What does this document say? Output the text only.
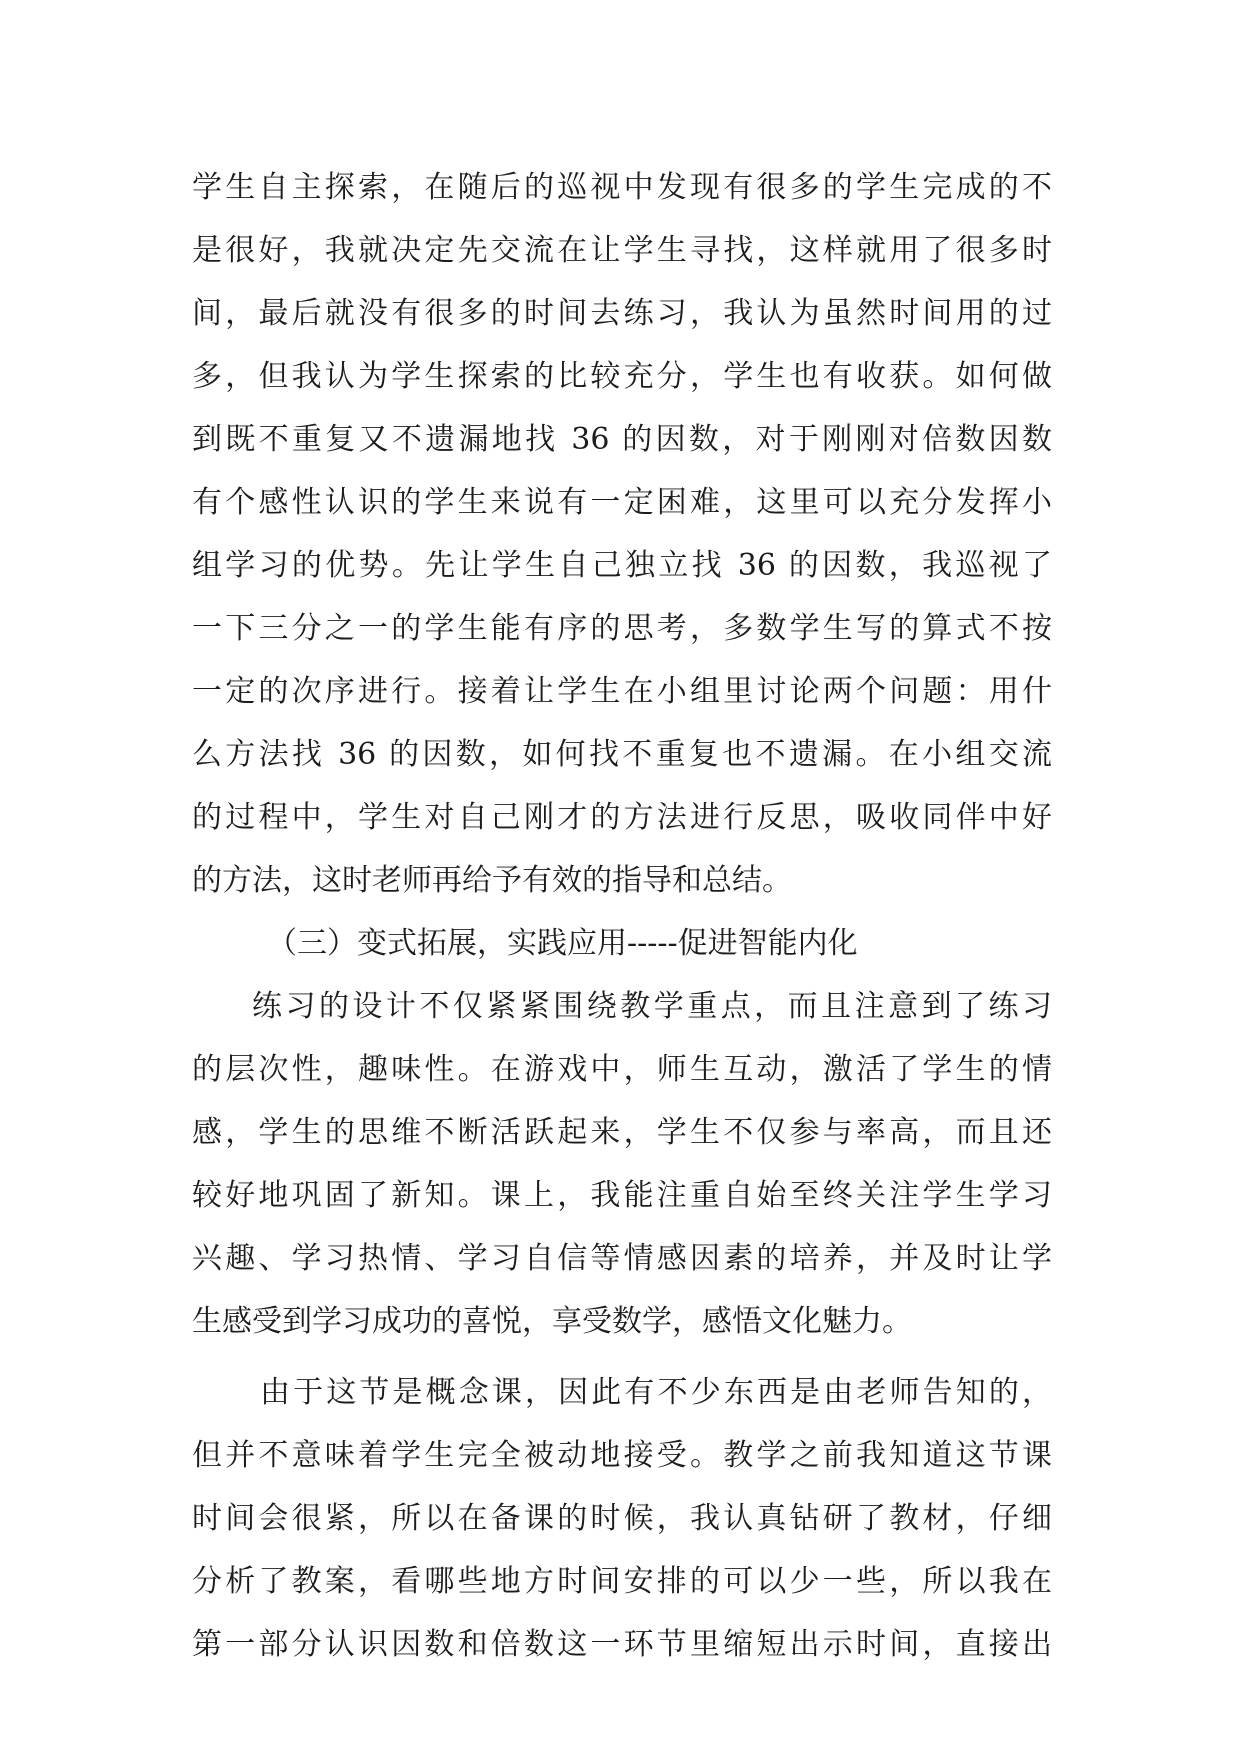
学生自主探索，在随后的巡视中发现有很多的学生完成的不
是很好，我就决定先交流在让学生寻找，这样就用了很多时
间，最后就没有很多的时间去练习，我认为虽然时间用的过
多，但我认为学生探索的比较充分，学生也有收获。如何做
到既不重复又不遗漏地找 36 的因数，对于刚刚对倍数因数
有个感性认识的学生来说有一定困难，这里可以充分发挥小
组学习的优势。先让学生自己独立找 36 的因数，我巡视了
一下三分之一的学生能有序的思考，多数学生写的算式不按
一定的次序进行。接着让学生在小组里讨论两个问题：用什
么方法找 36 的因数，如何找不重复也不遗漏。在小组交流
的过程中，学生对自己刚才的方法进行反思，吸收同伴中好
的方法，这时老师再给予有效的指导和总结。
（三）变式拓展，实践应用-----促进智能内化
练习的设计不仅紧紧围绕教学重点，而且注意到了练习
的层次性，趣味性。在游戏中，师生互动，激活了学生的情
感，学生的思维不断活跃起来，学生不仅参与率高，而且还
较好地巩固了新知。课上，我能注重自始至终关注学生学习
兴趣、学习热情、学习自信等情感因素的培养，并及时让学
生感受到学习成功的喜悦，享受数学，感悟文化魅力。
由于这节是概念课，因此有不少东西是由老师告知的，
但并不意味着学生完全被动地接受。教学之前我知道这节课
时间会很紧，所以在备课的时候，我认真钻研了教材，仔细
分析了教案，看哪些地方时间安排的可以少一些，所以我在
第一部分认识因数和倍数这一环节里缩短出示时间，直接出
